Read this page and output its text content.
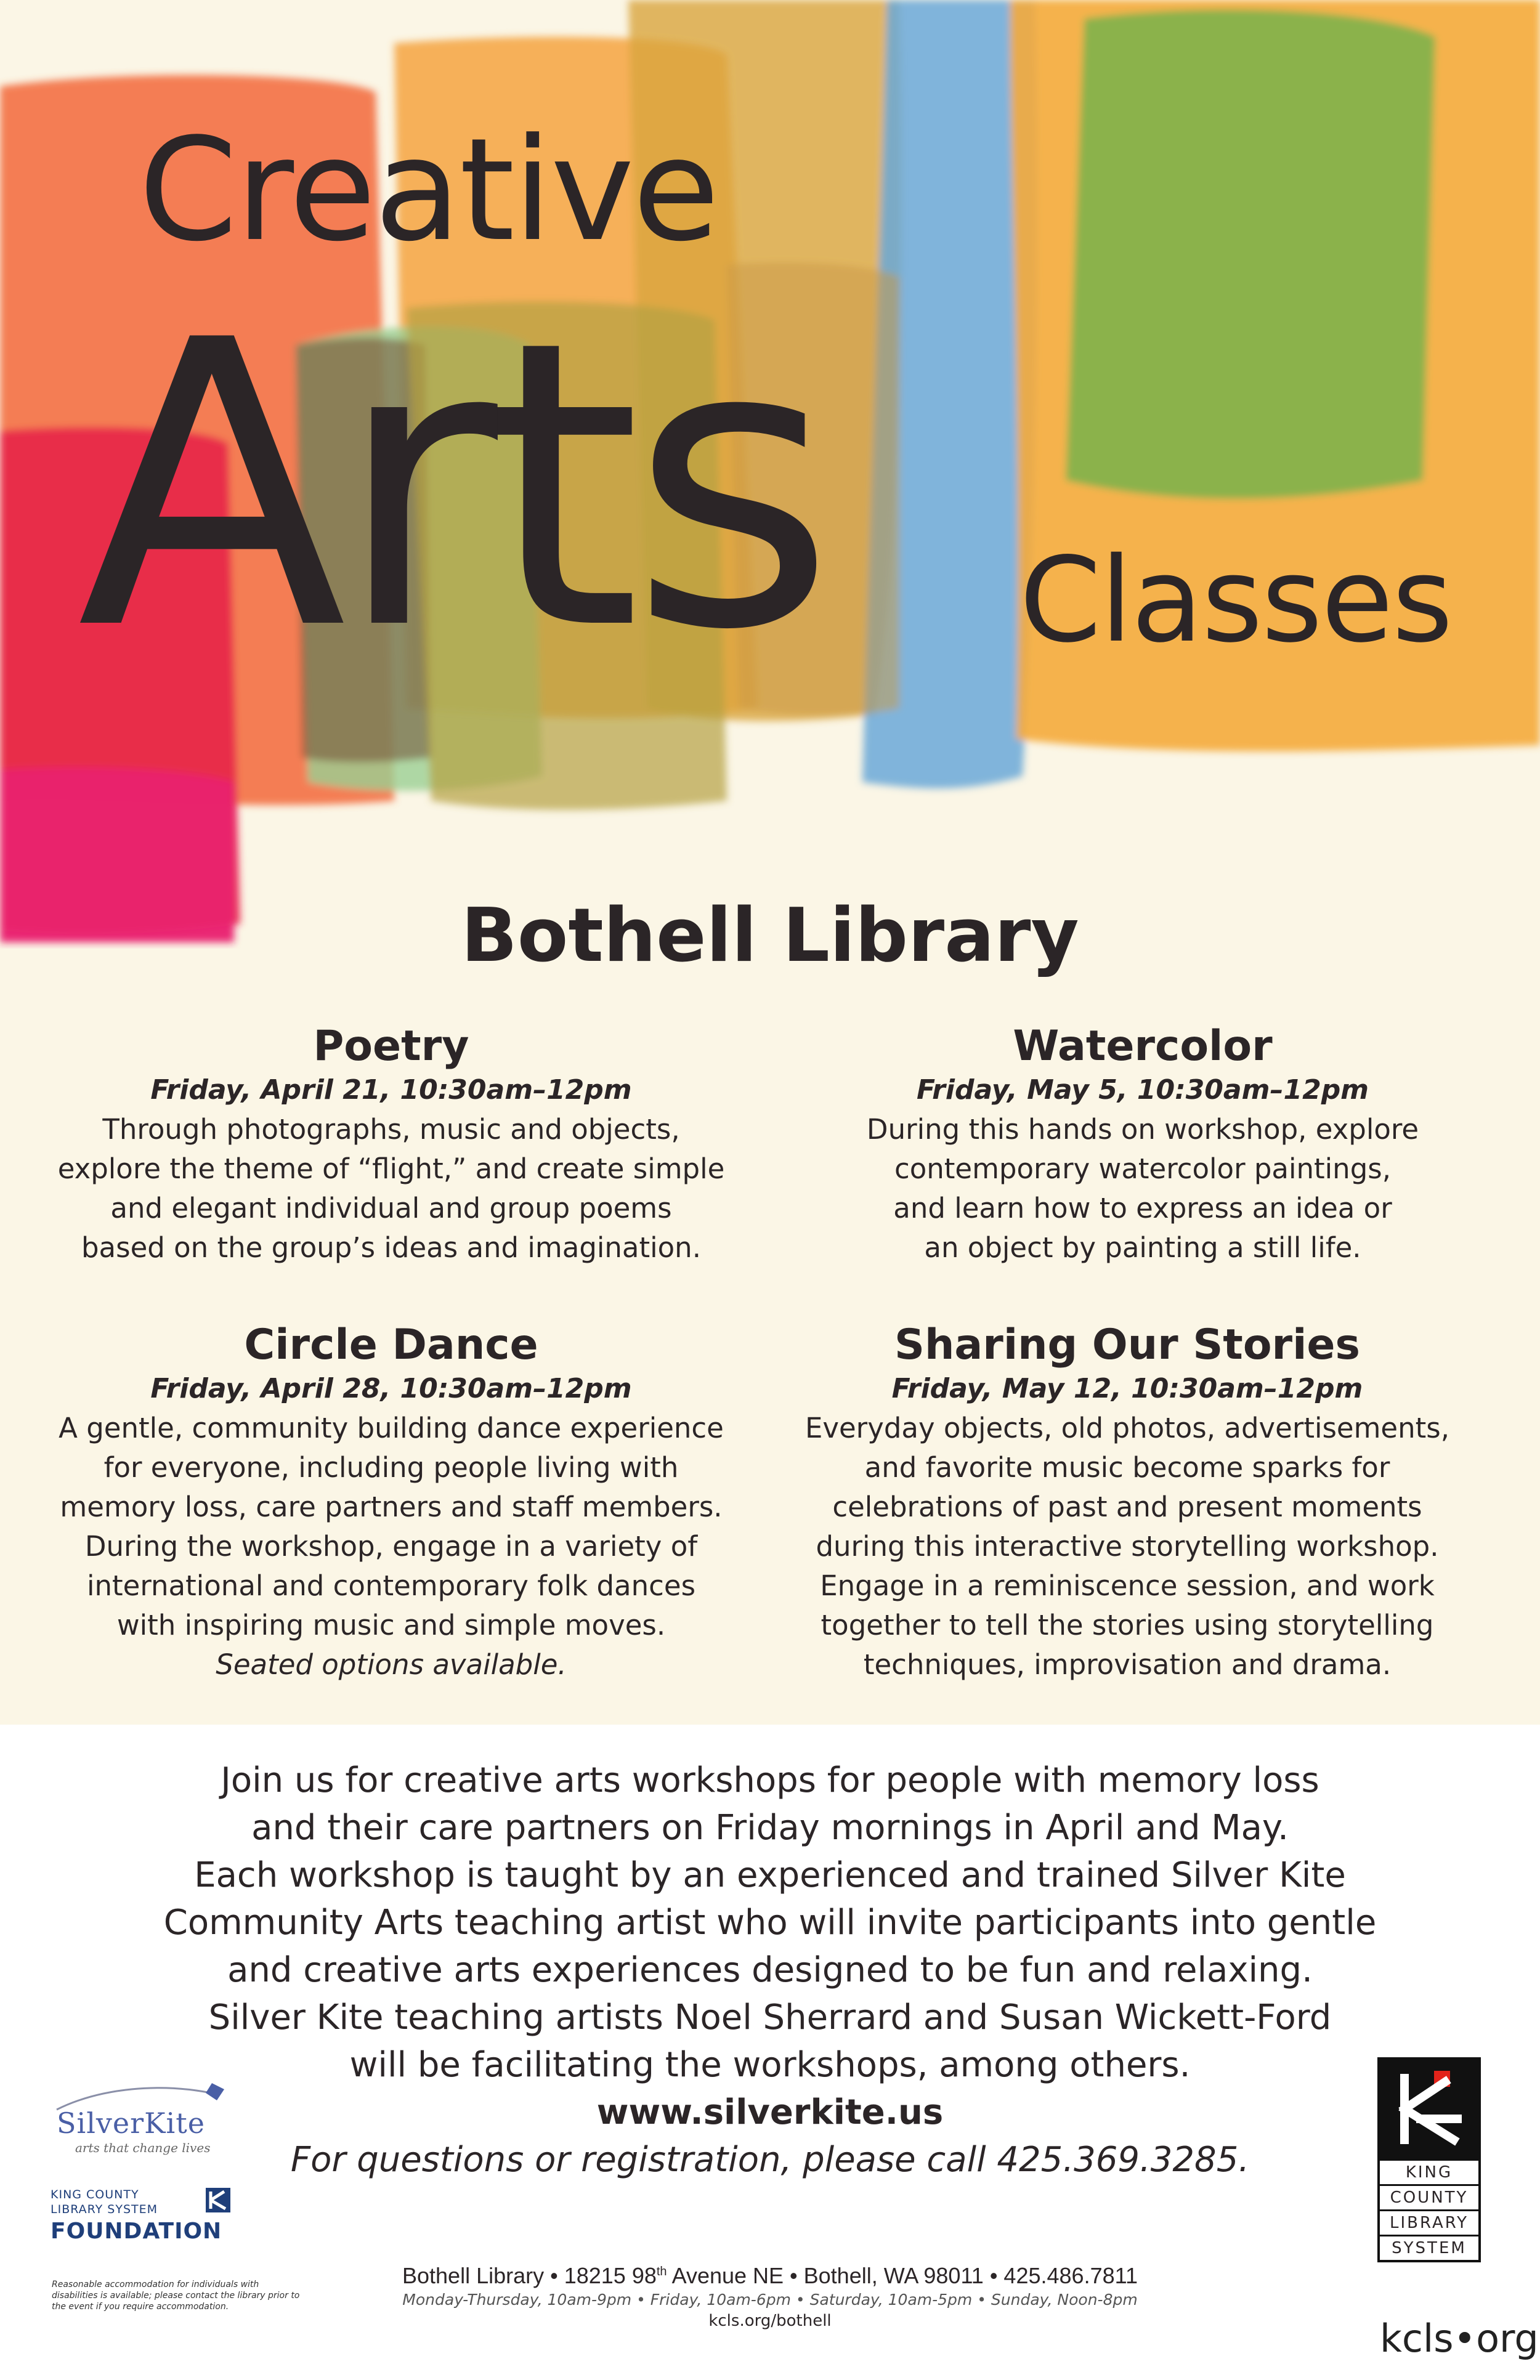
Creative
Arts Classes
Bothell Library
Poetry
Friday, April 21, 10:30am–12pm
Through photographs, music and objects,
explore the theme of “flight,” and create simple
and elegant individual and group poems
based on the group’s ideas and imagination.
Watercolor
Friday, May 5, 10:30am–12pm
During this hands on workshop, explore
contemporary watercolor paintings,
and learn how to express an idea or
an object by painting a still life.
Circle Dance
Friday, April 28, 10:30am–12pm
A gentle, community building dance experience
for everyone, including people living with
memory loss, care partners and staff members.
During the workshop, engage in a variety of
international and contemporary folk dances
with inspiring music and simple moves.
Seated options available.
Sharing Our Stories
Friday, May 12, 10:30am–12pm
Everyday objects, old photos, advertisements,
and favorite music become sparks for
celebrations of past and present moments
during this interactive storytelling workshop.
Engage in a reminiscence session, and work
together to tell the stories using storytelling
techniques, improvisation and drama.
Join us for creative arts workshops for people with memory loss
and their care partners on Friday mornings in April and May.
Each workshop is taught by an experienced and trained Silver Kite
Community Arts teaching artist who will invite participants into gentle
and creative arts experiences designed to be fun and relaxing.
Silver Kite teaching artists Noel Sherrard and Susan Wickett-Ford
will be facilitating the workshops, among others.
www.silverkite.us
For questions or registration, please call 425.369.3285.
SilverKite
arts that change lives
KING COUNTY
LIBRARY SYSTEM
FOUNDATION
Reasonable accommodation for individuals with disabilities is available; please contact the library prior to the event if you require accommodation.
Bothell Library • 18215 98th Avenue NE • Bothell, WA 98011 • 425.486.7811
Monday-Thursday, 10am-9pm • Friday, 10am-6pm • Saturday, 10am-5pm • Sunday, Noon-8pm
kcls.org/bothell
KING
COUNTY
LIBRARY
SYSTEM
kcls•org
